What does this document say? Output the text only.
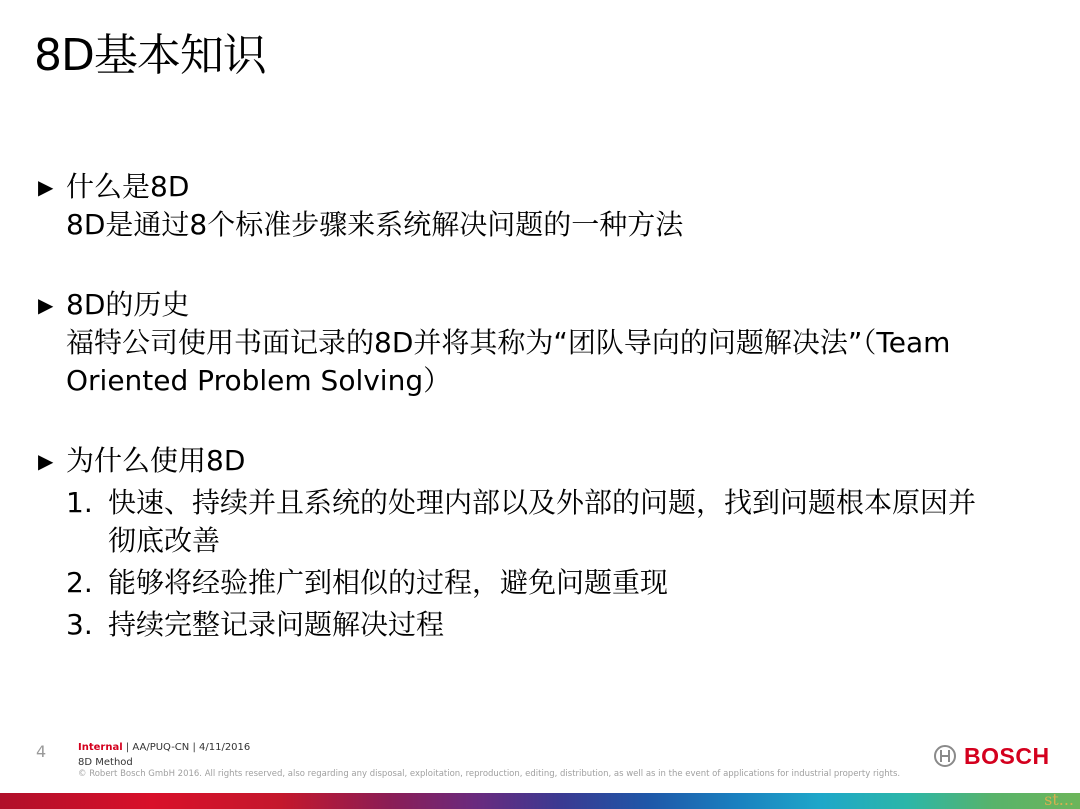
8D基本知识
▶ 什么是8D
8D是通过8个标准步骤来系统解决问题的一种方法
▶ 8D的历史
福特公司使用书面记录的8D并将其称为“团队导向的问题解决法”（Team
Oriented Problem Solving）
▶ 为什么使用8D
1. 快速、持续并且系统的处理内部以及外部的问题，找到问题根本原因并
彻底改善
2. 能够将经验推广到相似的过程，避免问题重现
3. 持续完整记录问题解决过程
4	Internal | AA/PUQ-CN | 4/11/2016
8D Method
© Robert Bosch GmbH 2016. All rights reserved, also regarding any disposal, exploitation, reproduction, editing, distribution, as well as in the event of applications for industrial property rights.
BOSCH
st...
